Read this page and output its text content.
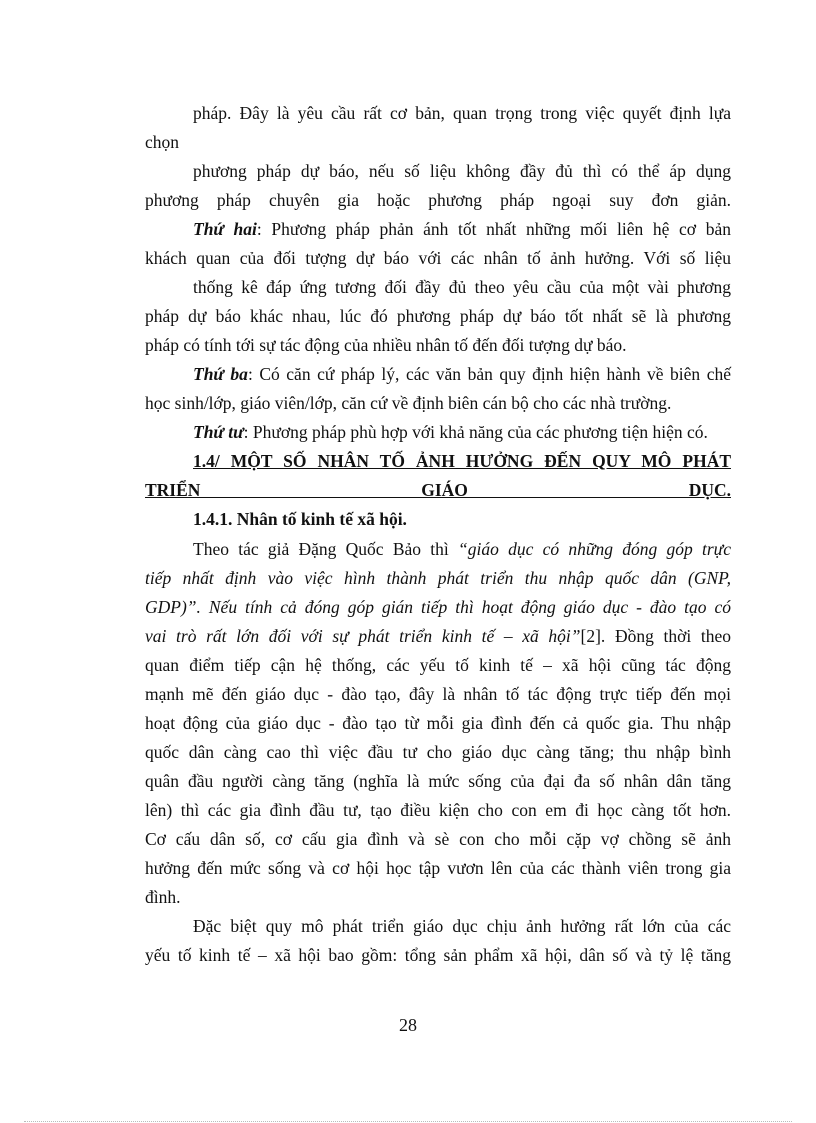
pháp. Đây là yêu cầu rất cơ bản, quan trọng trong việc quyết định lựa
chọn
phương pháp dự báo, nếu số liệu không đầy đủ thì có thể áp dụng
phương pháp chuyên gia hoặc phương pháp ngoại suy đơn giản.
Thứ hai: Phương pháp phản ánh tốt nhất những mối liên hệ cơ bản
khách quan của đối tượng dự báo với các nhân tố ảnh hưởng. Với số liệu
thống kê đáp ứng tương đối đầy đủ theo yêu cầu của một vài phương
pháp dự báo khác nhau, lúc đó phương pháp dự báo tốt nhất sẽ là phương
pháp có tính tới sự tác động của nhiều nhân tố đến đối tượng dự báo.
Thứ ba: Có căn cứ pháp lý, các văn bản quy định hiện hành về biên chế
học sinh/lớp, giáo viên/lớp, căn cứ về định biên cán bộ cho các nhà trường.
Thứ tư: Phương pháp phù hợp với khả năng của các phương tiện hiện có.
1.4/ MỘT SỐ NHÂN TỐ ẢNH HƯỞNG ĐẾN QUY MÔ PHÁT
TRIỂN GIÁO DỤC.
1.4.1. Nhân tố kinh tế xã hội.
Theo tác giả Đặng Quốc Bảo thì “giáo dục có những đóng góp trực
tiếp nhất định vào việc hình thành phát triển thu nhập quốc dân (GNP,
GDP)”. Nếu tính cả đóng góp gián tiếp thì hoạt động giáo dục - đào tạo có
vai trò rất lớn đối với sự phát triển kinh tế – xã hội”[2]. Đồng thời theo
quan điểm tiếp cận hệ thống, các yếu tố kinh tế – xã hội cũng tác động
mạnh mẽ đến giáo dục - đào tạo, đây là nhân tố tác động trực tiếp đến mọi
hoạt động của giáo dục - đào tạo từ mỗi gia đình đến cả quốc gia. Thu nhập
quốc dân càng cao thì việc đầu tư cho giáo dục càng tăng; thu nhập bình
quân đầu người càng tăng (nghĩa là mức sống của đại đa số nhân dân tăng
lên) thì các gia đình đầu tư, tạo điều kiện cho con em đi học càng tốt hơn.
Cơ cấu dân số, cơ cấu gia đình và sè con cho mỗi cặp vợ chồng sẽ ảnh
hưởng đến mức sống và cơ hội học tập vươn lên của các thành viên trong gia
đình.
Đặc biệt quy mô phát triển giáo dục chịu ảnh hưởng rất lớn của các
yếu tố kinh tế – xã hội bao gồm: tổng sản phẩm xã hội, dân số và tỷ lệ tăng
28
